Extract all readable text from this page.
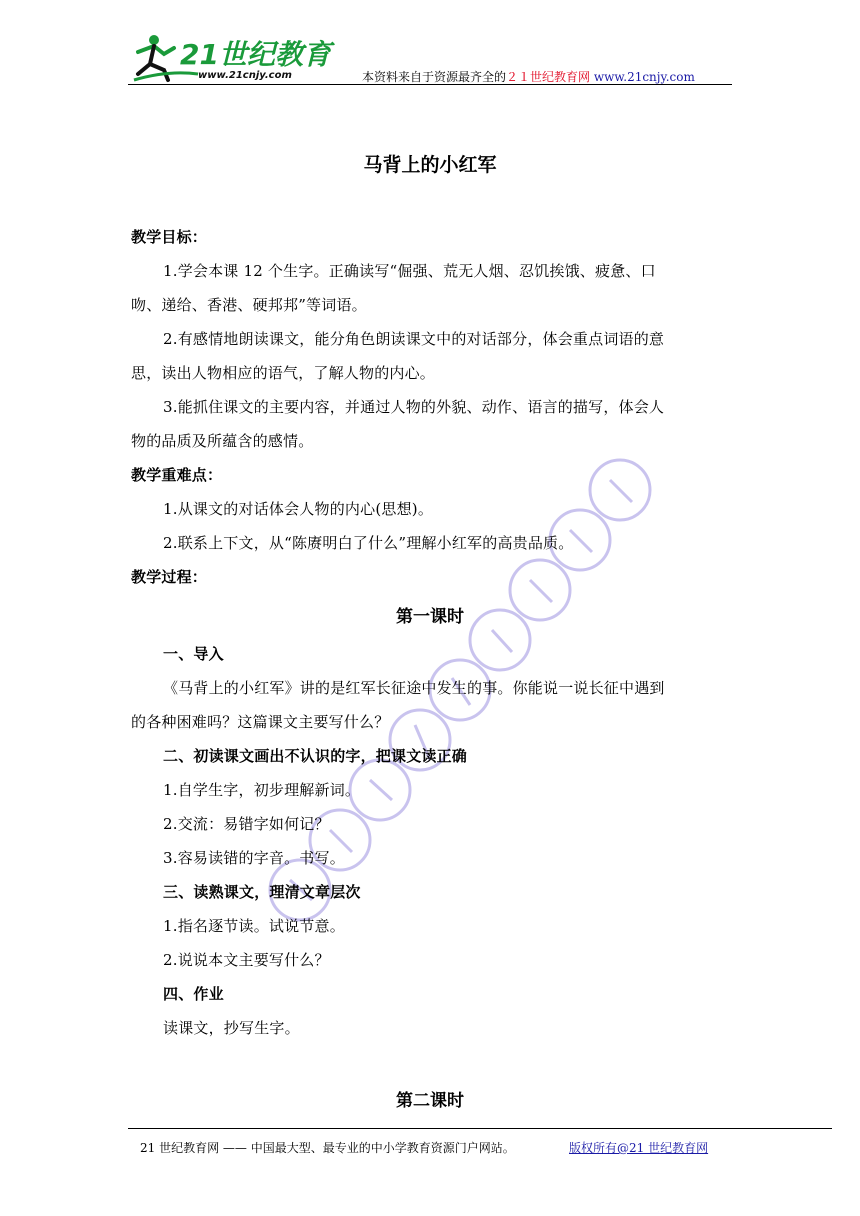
21世纪教育
www.21cnjy.com	本资料来自于资源最齐全的２１世纪教育网 www.21cnjy.com
马背上的小红军
教学目标：
1.学会本课 12 个生字。正确读写“倔强、荒无人烟、忍饥挨饿、疲惫、口
吻、递给、香港、硬邦邦”等词语。
2.有感情地朗读课文，能分角色朗读课文中的对话部分，体会重点词语的意
思，读出人物相应的语气，了解人物的内心。
3.能抓住课文的主要内容，并通过人物的外貌、动作、语言的描写，体会人
物的品质及所蕴含的感情。
教学重难点：
1.从课文的对话体会人物的内心(思想)。
2.联系上下文，从“陈赓明白了什么”理解小红军的高贵品质。
教学过程：
第一课时
一、导入
《马背上的小红军》讲的是红军长征途中发生的事。你能说一说长征中遇到
的各种困难吗？这篇课文主要写什么？
二、初读课文画出不认识的字，把课文读正确
1.自学生字，初步理解新词。
2.交流：易错字如何记？
3.容易读错的字音。书写。
三、读熟课文，理清文章层次
1.指名逐节读。试说节意。
2.说说本文主要写什么？
四、作业
读课文，抄写生字。
第二课时
21 世纪教育网 —— 中国最大型、最专业的中小学教育资源门户网站。	版权所有@21 世纪教育网
